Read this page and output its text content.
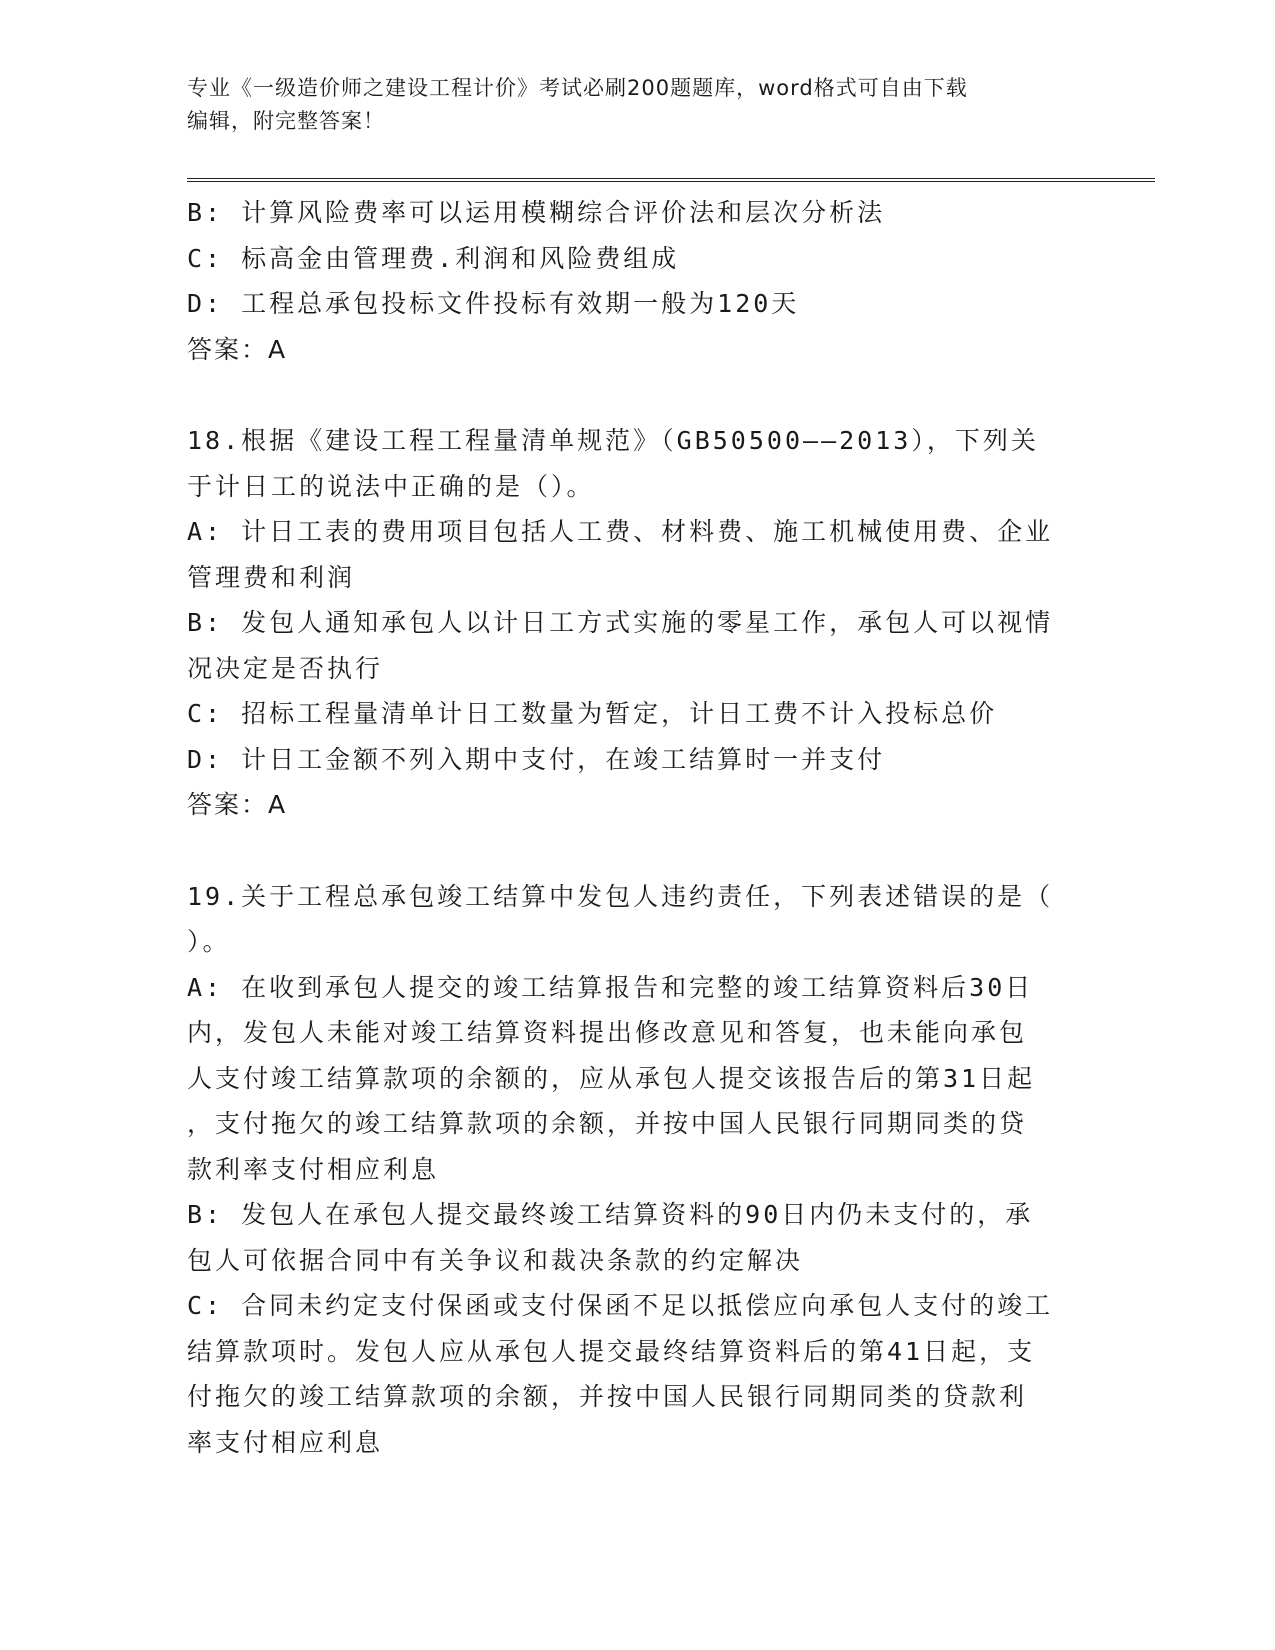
专业《一级造价师之建设工程计价》考试必刷200题题库，word格式可自由下载
编辑，附完整答案！
B: 计算风险费率可以运用模糊综合评价法和层次分析法
C: 标高金由管理费.利润和风险费组成
D: 工程总承包投标文件投标有效期一般为120天
答案：A
18.根据《建设工程工程量清单规范》（GB50500——2013），下列关
于计日工的说法中正确的是（）。
A: 计日工表的费用项目包括人工费、材料费、施工机械使用费、企业
管理费和利润
B: 发包人通知承包人以计日工方式实施的零星工作，承包人可以视情
况决定是否执行
C: 招标工程量清单计日工数量为暂定，计日工费不计入投标总价
D: 计日工金额不列入期中支付，在竣工结算时一并支付
答案：A
19.关于工程总承包竣工结算中发包人违约责任，下列表述错误的是（
）。
A: 在收到承包人提交的竣工结算报告和完整的竣工结算资料后30日
内，发包人未能对竣工结算资料提出修改意见和答复，也未能向承包
人支付竣工结算款项的余额的，应从承包人提交该报告后的第31日起
，支付拖欠的竣工结算款项的余额，并按中国人民银行同期同类的贷
款利率支付相应利息
B: 发包人在承包人提交最终竣工结算资料的90日内仍未支付的，承
包人可依据合同中有关争议和裁决条款的约定解决
C: 合同未约定支付保函或支付保函不足以抵偿应向承包人支付的竣工
结算款项时。发包人应从承包人提交最终结算资料后的第41日起，支
付拖欠的竣工结算款项的余额，并按中国人民银行同期同类的贷款利
率支付相应利息
